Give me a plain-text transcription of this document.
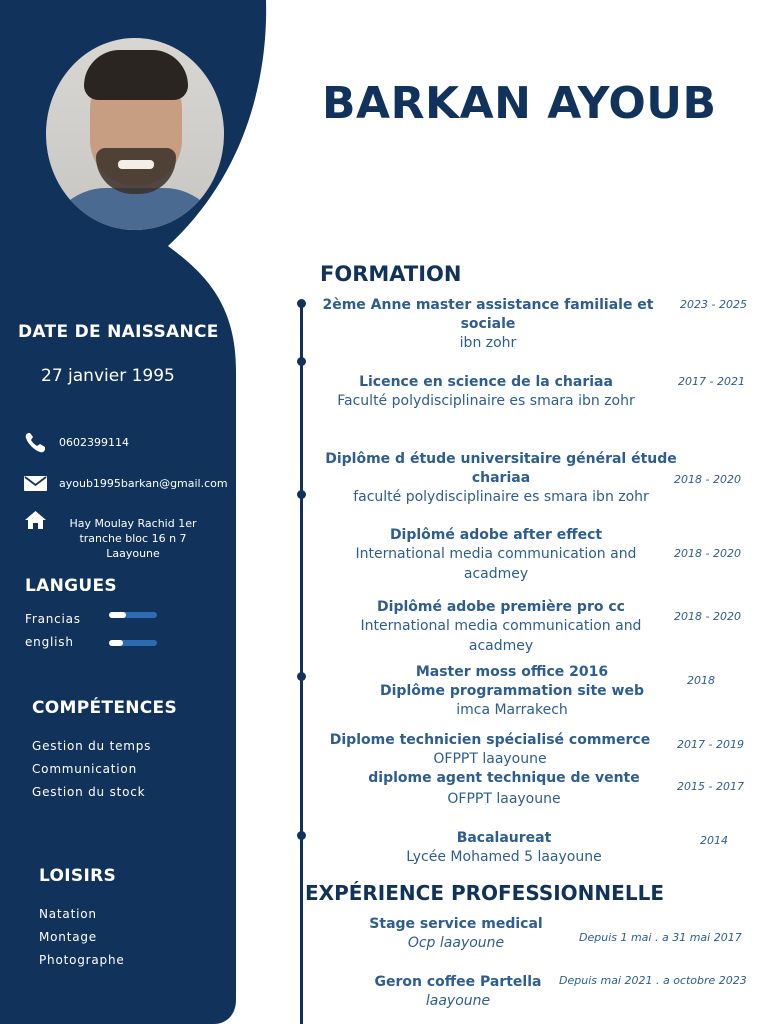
DATE DE NAISSANCE
27 janvier 1995
0602399114
ayoub1995barkan@gmail.com
Hay Moulay Rachid 1er
tranche bloc 16 n 7
Laayoune
LANGUES
Francias
english
COMPÉTENCES
Gestion du temps
Communication
Gestion du stock
LOISIRS
Natation
Montage
Photographe
BARKAN AYOUB
FORMATION
2ème Anne master assistance familiale et
sociale
ibn zohr
2023 - 2025
Licence en science de la chariaa
Faculté polydisciplinaire es smara ibn zohr
2017 - 2021
Diplôme d étude universitaire général étude
chariaa
faculté polydisciplinaire es smara ibn zohr
2018 - 2020
Diplômé adobe after effect
International media communication and
acadmey
2018 - 2020
Diplômé adobe première pro cc
International media communication and
acadmey
2018 - 2020
Master moss office 2016
Diplôme programmation site web
imca Marrakech
2018
Diplome technicien spécialisé commerce
OFPPT laayoune
2017 - 2019
diplome agent technique de vente
OFPPT laayoune
2015 - 2017
Bacalaureat
Lycée Mohamed 5 laayoune
2014
EXPÉRIENCE PROFESSIONNELLE
Stage service medical
Ocp laayoune	Depuis 1 mai . a 31 mai 2017
Geron coffee Partella
laayoune
Depuis mai 2021 . a octobre 2023
